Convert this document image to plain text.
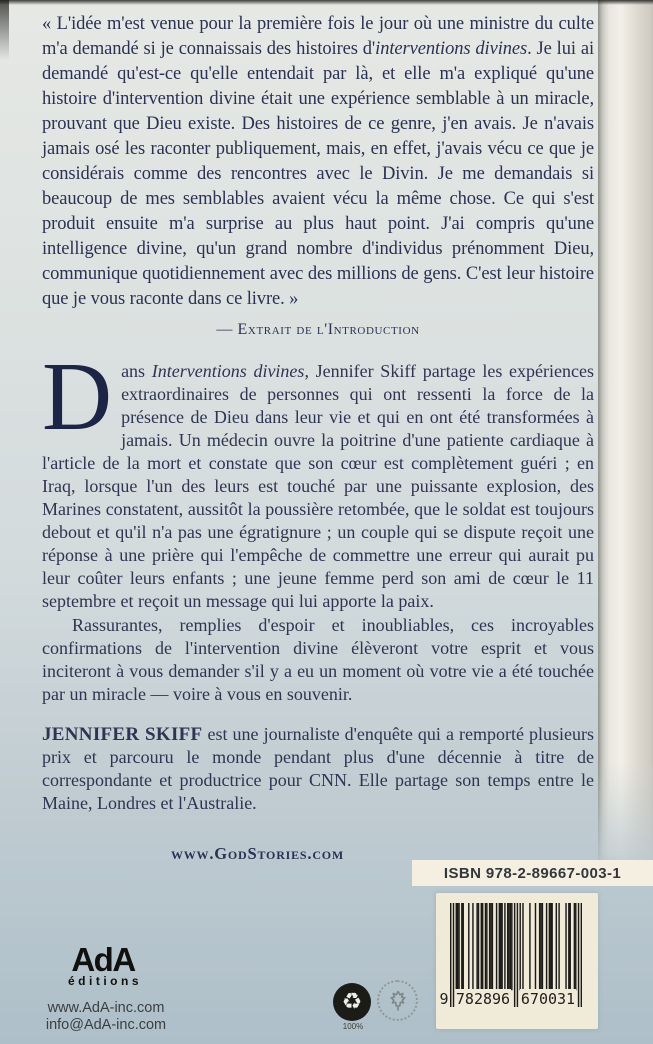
« L'idée m'est venue pour la première fois le jour où une ministre du culte m'a demandé si je connaissais des histoires d'interventions divines. Je lui ai demandé qu'est-ce qu'elle entendait par là, et elle m'a expliqué qu'une histoire d'intervention divine était une expérience semblable à un miracle, prouvant que Dieu existe. Des histoires de ce genre, j'en avais. Je n'avais jamais osé les raconter publiquement, mais, en effet, j'avais vécu ce que je considérais comme des rencontres avec le Divin. Je me demandais si beaucoup de mes semblables avaient vécu la même chose. Ce qui s'est produit ensuite m'a surprise au plus haut point. J'ai compris qu'une intelligence divine, qu'un grand nombre d'individus prénomment Dieu, communique quotidiennement avec des millions de gens. C'est leur histoire que je vous raconte dans ce livre. »

— Extrait de l'Introduction

Dans Interventions divines, Jennifer Skiff partage les expériences extraordinaires de personnes qui ont ressenti la force de la présence de Dieu dans leur vie et qui en ont été transformées à jamais. Un médecin ouvre la poitrine d'une patiente cardiaque à l'article de la mort et constate que son cœur est complètement guéri ; en Iraq, lorsque l'un des leurs est touché par une puissante explosion, des Marines constatent, aussitôt la poussière retombée, que le soldat est toujours debout et qu'il n'a pas une égratignure ; un couple qui se dispute reçoit une réponse à une prière qui l'empêche de commettre une erreur qui aurait pu leur coûter leurs enfants ; une jeune femme perd son ami de cœur le 11 septembre et reçoit un message qui lui apporte la paix.

Rassurantes, remplies d'espoir et inoubliables, ces incroyables confirmations de l'intervention divine élèveront votre esprit et vous inciteront à vous demander s'il y a eu un moment où votre vie a été touchée par un miracle — voire à vous en souvenir.

JENNIFER SKIFF est une journaliste d'enquête qui a remporté plusieurs prix et parcouru le monde pendant plus d'une décennie à titre de correspondante et productrice pour CNN. Elle partage son temps entre le Maine, Londres et l'Australie.

www.GodStories.com
ISBN 978-2-89667-003-1
9 782896 670031
AdA
éditions
www.AdA-inc.com
info@AdA-inc.com
♻
100%
